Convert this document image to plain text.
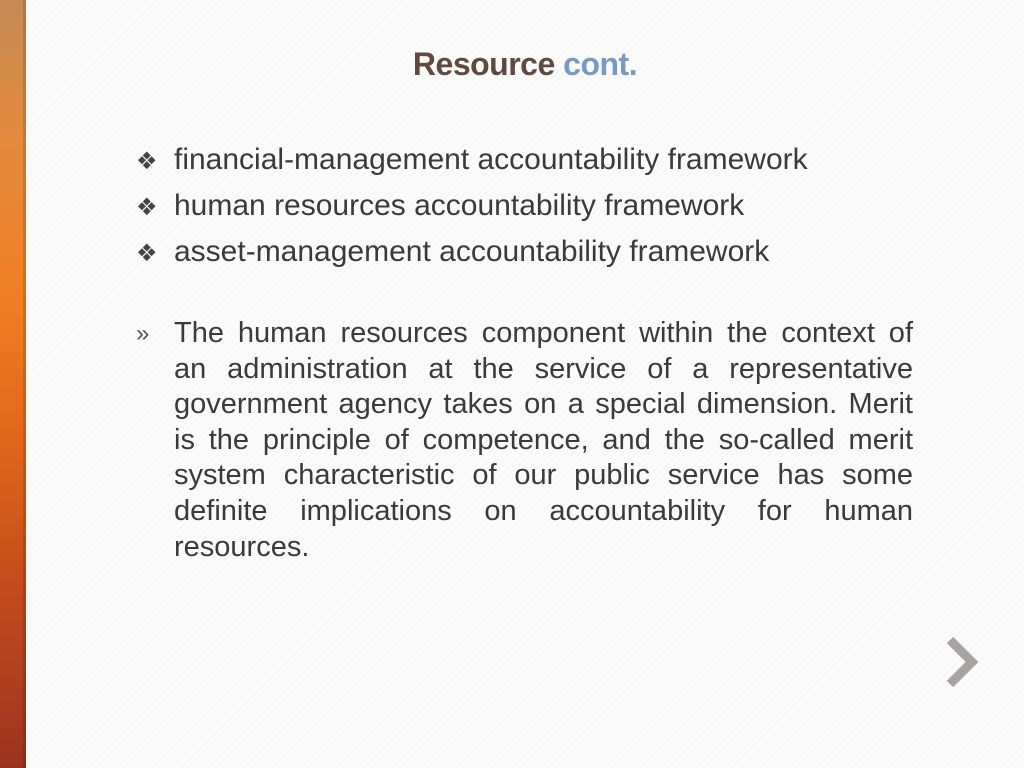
Resource cont.
❖ financial-management accountability framework
❖ human resources accountability framework
❖ asset-management accountability framework
» The human resources component within the context of an administration at the service of a representative government agency takes on a special dimension. Merit is the principle of competence, and the so-called merit system characteristic of our public service has some definite implications on accountability for human resources.
